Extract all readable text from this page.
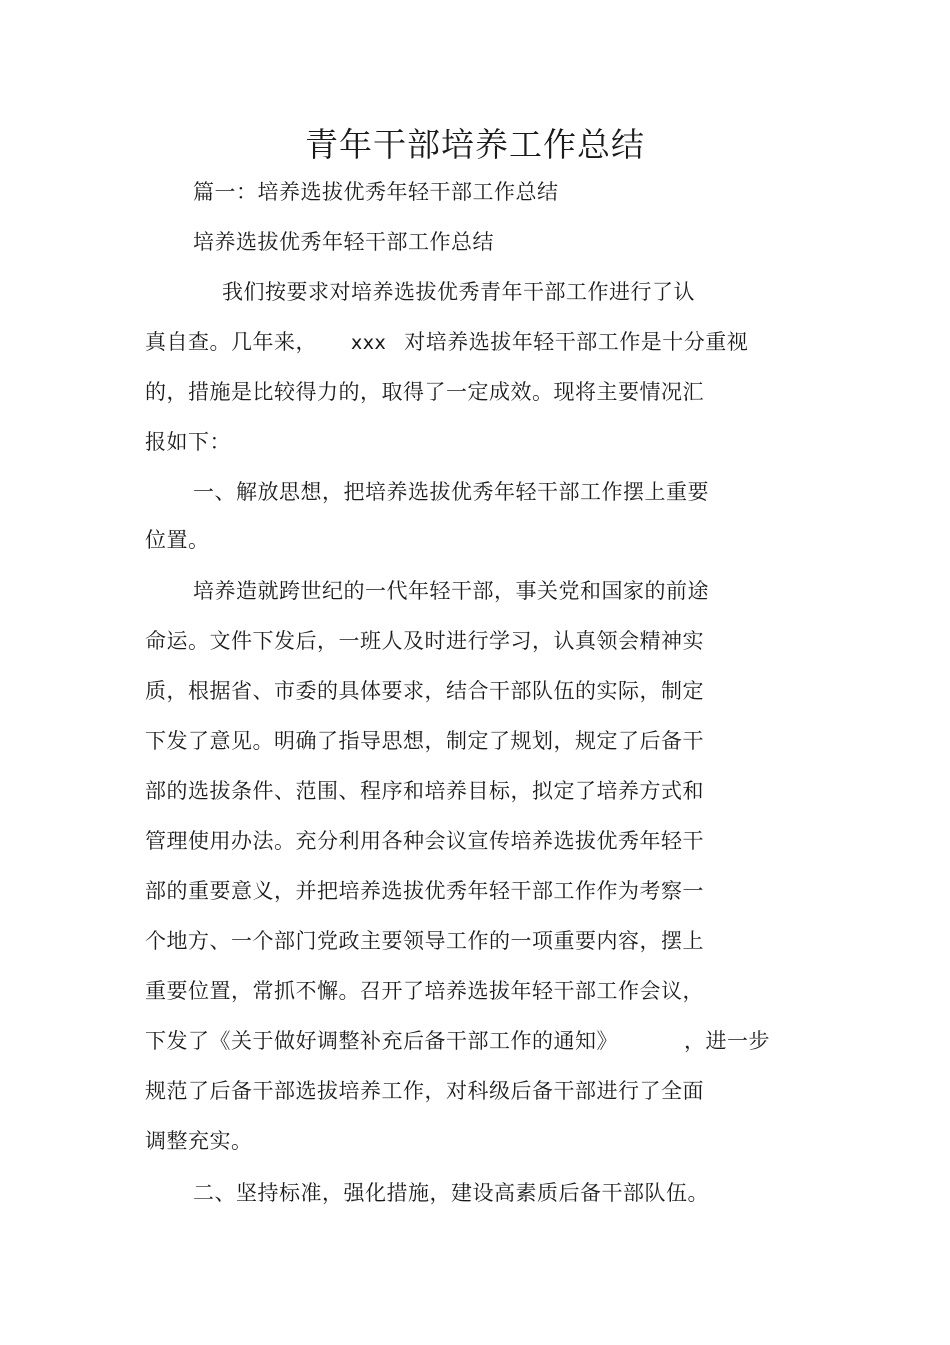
青年干部培养工作总结
篇一：培养选拔优秀年轻干部工作总结
培养选拔优秀年轻干部工作总结
我们按要求对培养选拔优秀青年干部工作进行了认
真自查。几年来， xxx 对培养选拔年轻干部工作是十分重视
的，措施是比较得力的，取得了一定成效。现将主要情况汇
报如下：
一、解放思想，把培养选拔优秀年轻干部工作摆上重要
位置。
培养造就跨世纪的一代年轻干部，事关党和国家的前途
命运。文件下发后，一班人及时进行学习，认真领会精神实
质，根据省、市委的具体要求，结合干部队伍的实际，制定
下发了意见。明确了指导思想，制定了规划，规定了后备干
部的选拔条件、范围、程序和培养目标，拟定了培养方式和
管理使用办法。充分利用各种会议宣传培养选拔优秀年轻干
部的重要意义，并把培养选拔优秀年轻干部工作作为考察一
个地方、一个部门党政主要领导工作的一项重要内容，摆上
重要位置，常抓不懈。召开了培养选拔年轻干部工作会议，
下发了《关于做好调整补充后备干部工作的通知》	，进一步
规范了后备干部选拔培养工作，对科级后备干部进行了全面
调整充实。
二、坚持标准，强化措施，建设高素质后备干部队伍。
